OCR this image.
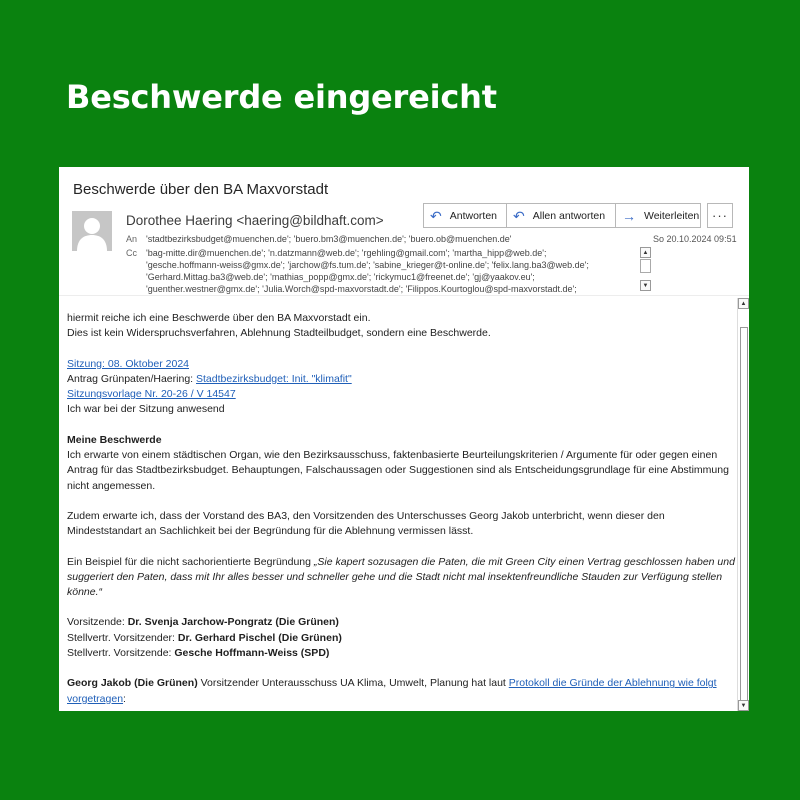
Beschwerde eingereicht
Beschwerde über den BA Maxvorstadt
Dorothee Haering <haering@bildhaft.com>	↶ Antworten ↶ Allen antworten → Weiterleiten ···
An 'stadtbezirksbudget@muenchen.de'; 'buero.bm3@muenchen.de'; 'buero.ob@muenchen.de'	So 20.10.2024 09:51
Cc 'bag-mitte.dir@muenchen.de'; 'n.datzmann@web.de'; 'rgehling@gmail.com'; 'martha_hipp@web.de';
'gesche.hoffmann-weiss@gmx.de'; 'jarchow@fs.tum.de'; 'sabine_krieger@t-online.de'; 'felix.lang.ba3@web.de';
'Gerhard.Mittag.ba3@web.de'; 'mathias_popp@gmx.de'; 'rickymuc1@freenet.de'; 'gj@yaakov.eu';
'guenther.westner@gmx.de'; 'Julia.Worch@spd-maxvorstadt.de'; 'Filippos.Kourtoglou@spd-maxvorstadt.de';
▲
▼

hiermit reiche ich eine Beschwerde über den BA Maxvorstadt ein.

Dies ist kein Widerspruchsverfahren, Ablehnung Stadteilbudget, sondern eine Beschwerde.

Sitzung: 08. Oktober 2024

Antrag Grünpaten/Haering: Stadtbezirksbudget: Init. "klimafit"

Sitzungsvorlage Nr. 20-26 / V 14547

Ich war bei der Sitzung anwesend

Meine Beschwerde

Ich erwarte von einem städtischen Organ, wie den Bezirksausschuss, faktenbasierte Beurteilungskriterien / Argumente für oder gegen einen Antrag für das Stadtbezirksbudget. Behauptungen, Falschaussagen oder Suggestionen sind als Entscheidungsgrundlage für eine Abstimmung nicht angemessen.

Zudem erwarte ich, dass der Vorstand des BA3, den Vorsitzenden des Unterschusses Georg Jakob unterbricht, wenn dieser den Mindeststandart an Sachlichkeit bei der Begründung für die Ablehnung vermissen lässt.

Ein Beispiel für die nicht sachorientierte Begründung „Sie kapert sozusagen die Paten, die mit Green City einen Vertrag geschlossen haben und suggeriert den Paten, dass mit Ihr alles besser und schneller gehe und die Stadt nicht mal insektenfreundliche Stauden zur Verfügung stellen könne.“

Vorsitzende: Dr. Svenja Jarchow-Pongratz (Die Grünen)

Stellvertr. Vorsitzender: Dr. Gerhard Pischel (Die Grünen)

Stellvertr. Vorsitzende: Gesche Hoffmann-Weiss (SPD)

Georg Jakob (Die Grünen) Vorsitzender Unterausschuss UA Klima, Umwelt, Planung hat laut Protokoll die Gründe der Ablehnung wie folgt vorgetragen:

▲
▼
